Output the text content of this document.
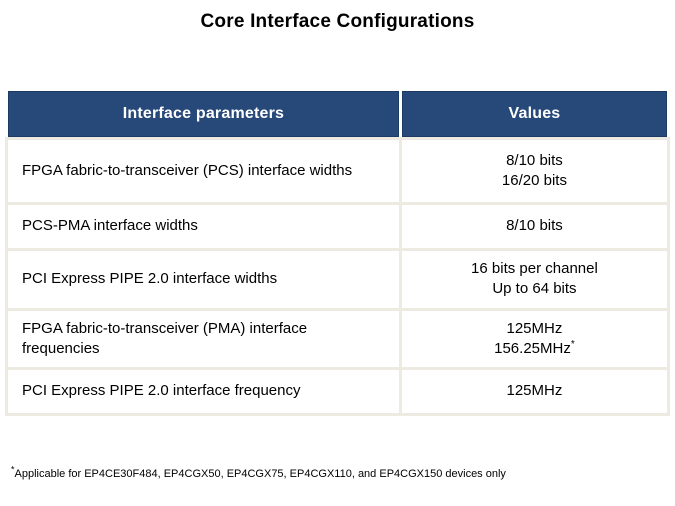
Core Interface Configurations
Interface parameters	Values
FPGA fabric-to-transceiver (PCS) interface widths	8/10 bits
16/20 bits

PCS-PMA interface widths	8/10 bits

PCI Express PIPE 2.0 interface widths	16 bits per channel
Up to 64 bits

FPGA fabric-to-transceiver (PMA) interface frequencies	125MHz
156.25MHz*

PCI Express PIPE 2.0 interface frequency	125MHz
*Applicable for EP4CE30F484, EP4CGX50, EP4CGX75, EP4CGX110, and EP4CGX150 devices only
